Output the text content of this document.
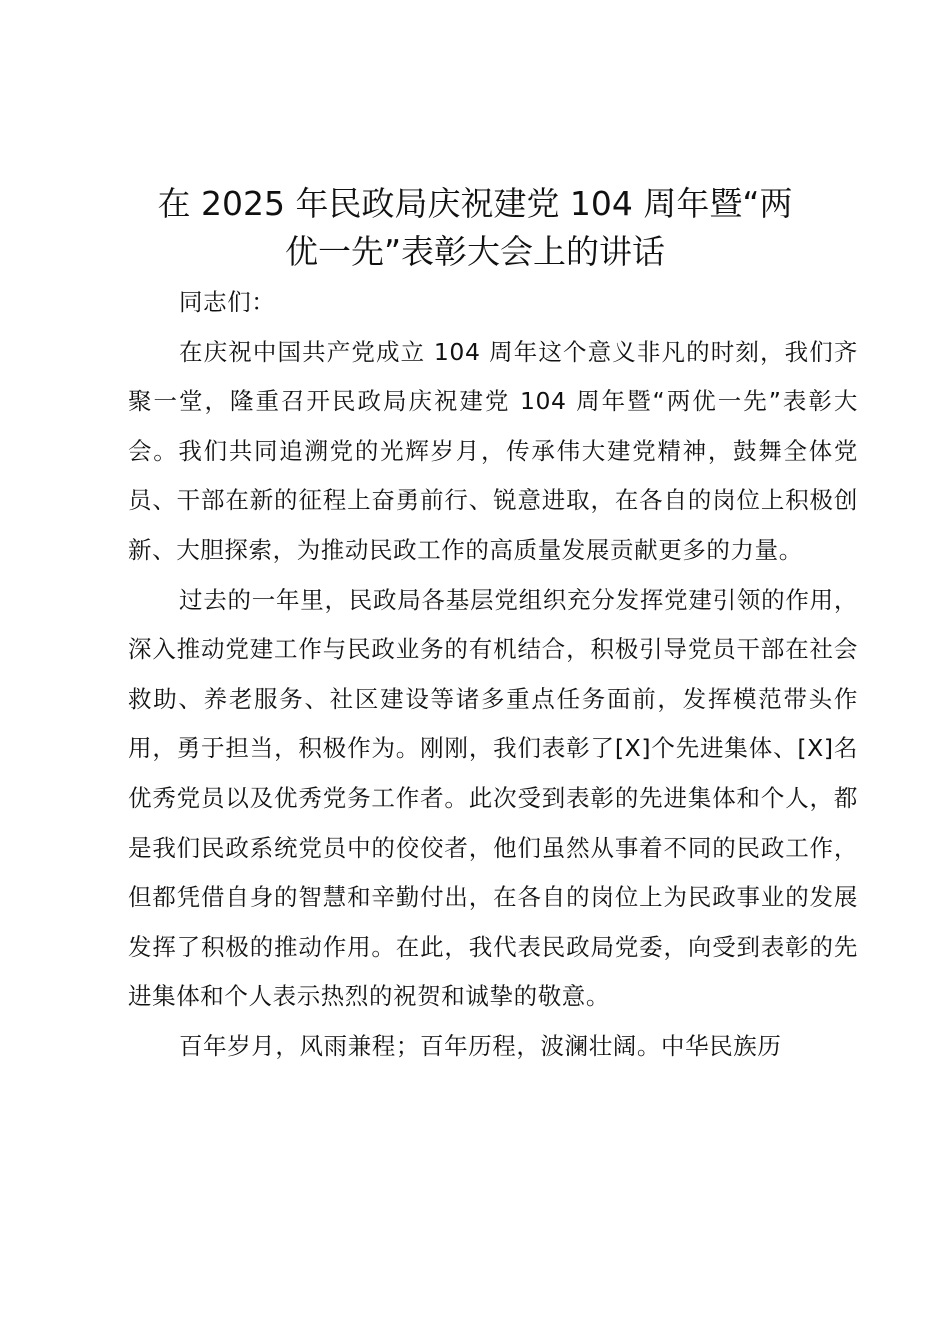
在 2025 年民政局庆祝建党 104 周年暨“两
优一先”表彰大会上的讲话

同志们：

在庆祝中国共产党成立 104 周年这个意义非凡的时刻，我们齐聚一堂，隆重召开民政局庆祝建党 104 周年暨“两优一先”表彰大会。我们共同追溯党的光辉岁月，传承伟大建党精神，鼓舞全体党员、干部在新的征程上奋勇前行、锐意进取，在各自的岗位上积极创新、大胆探索，为推动民政工作的高质量发展贡献更多的力量。

过去的一年里，民政局各基层党组织充分发挥党建引领的作用，深入推动党建工作与民政业务的有机结合，积极引导党员干部在社会救助、养老服务、社区建设等诸多重点任务面前，发挥模范带头作用，勇于担当，积极作为。刚刚，我们表彰了[X]个先进集体、[X]名优秀党员以及优秀党务工作者。此次受到表彰的先进集体和个人，都是我们民政系统党员中的佼佼者，他们虽然从事着不同的民政工作，但都凭借自身的智慧和辛勤付出，在各自的岗位上为民政事业的发展发挥了积极的推动作用。在此，我代表民政局党委，向受到表彰的先进集体和个人表示热烈的祝贺和诚挚的敬意。

百年岁月，风雨兼程；百年历程，波澜壮阔。中华民族历
